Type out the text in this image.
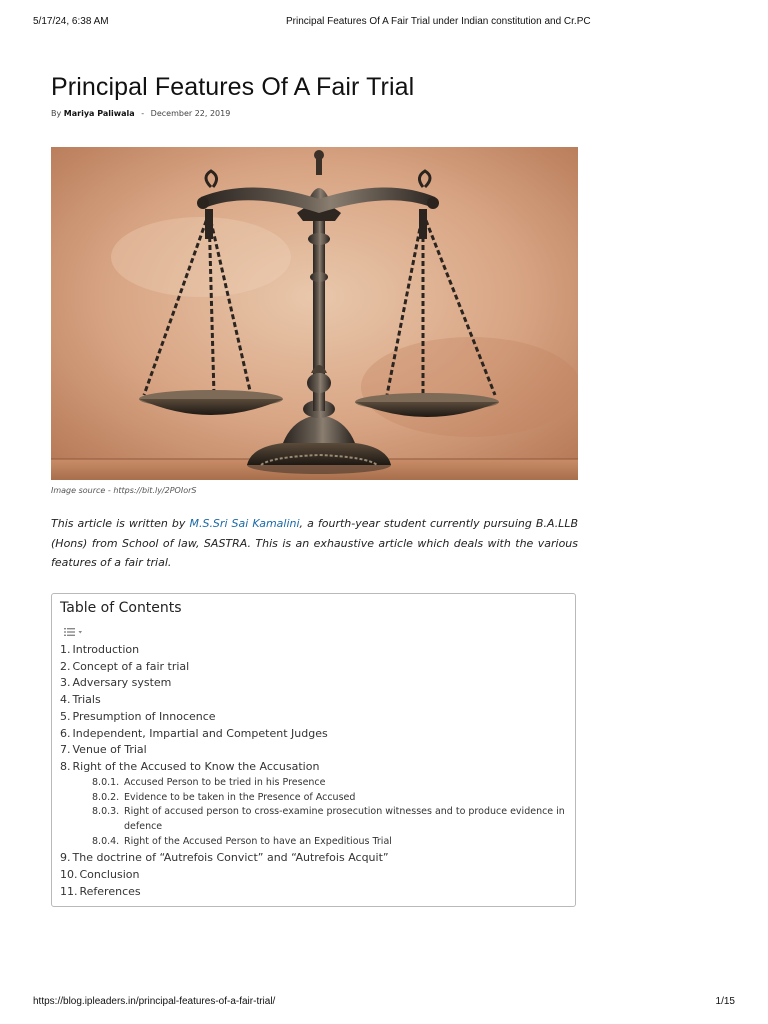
5/17/24, 6:38 AM	Principal Features Of A Fair Trial under Indian constitution and Cr.PC
Principal Features Of A Fair Trial
By Mariya Paliwala - December 22, 2019
Image source - https://bit.ly/2POIorS

This article is written by M.S.Sri Sai Kamalini, a fourth-year student currently pursuing B.A.LLB (Hons) from School of law, SASTRA. This is an exhaustive article which deals with the various features of a fair trial.

Table of Contents
1. Introduction
2. Concept of a fair trial
3. Adversary system
4. Trials
5. Presumption of Innocence
6. Independent, Impartial and Competent Judges
7. Venue of Trial
8. Right of the Accused to Know the Accusation
8.0.1. Accused Person to be tried in his Presence
8.0.2. Evidence to be taken in the Presence of Accused
8.0.3. Right of accused person to cross-examine prosecution witnesses and to produce evidence in defence
8.0.4. Right of the Accused Person to have an Expeditious Trial
9. The doctrine of “Autrefois Convict” and “Autrefois Acquit”
10. Conclusion
11. References
https://blog.ipleaders.in/principal-features-of-a-fair-trial/	1/15
